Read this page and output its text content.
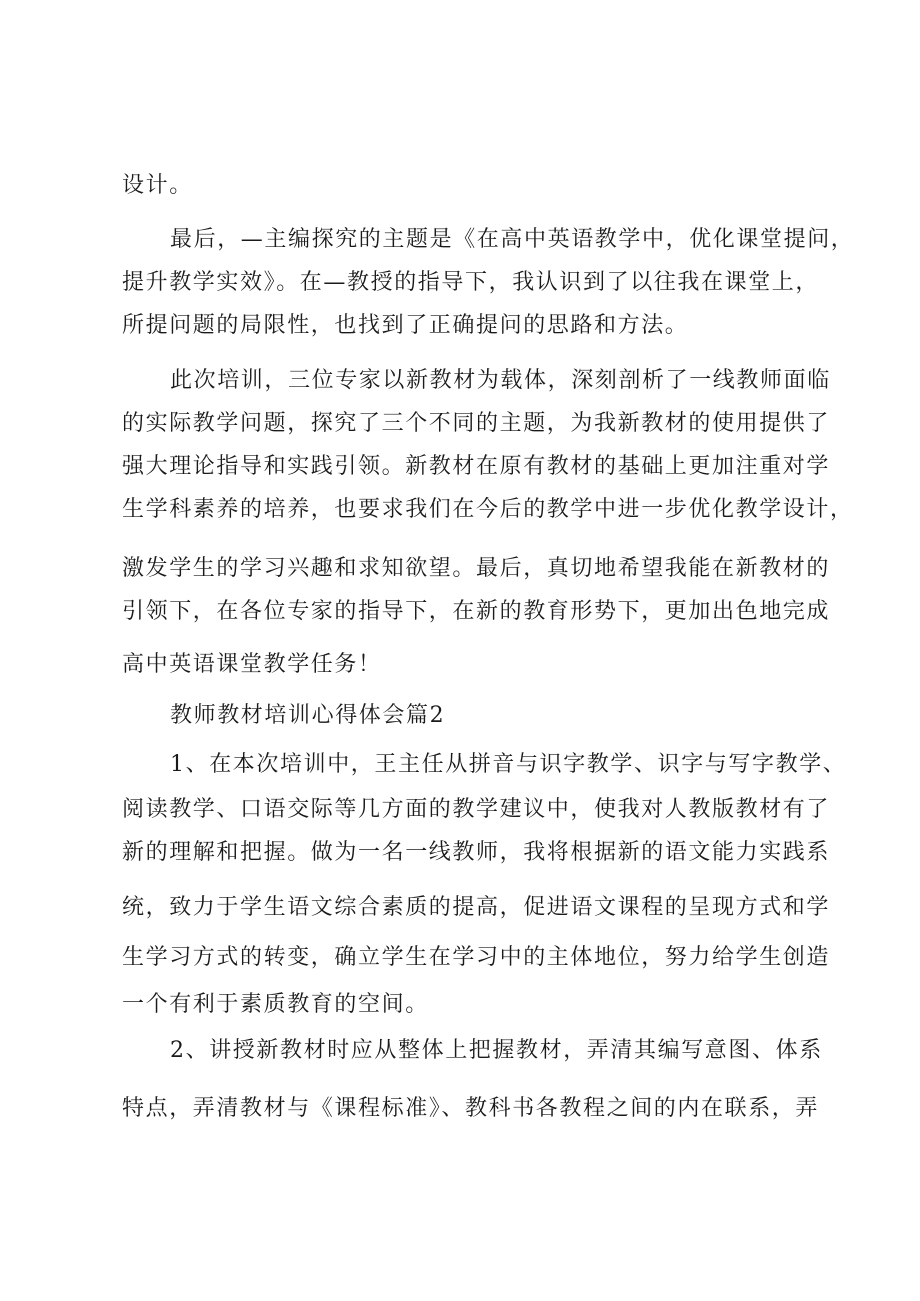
设计。
最后，—主编探究的主题是《在高中英语教学中，优化课堂提问，
提升教学实效》。在—教授的指导下，我认识到了以往我在课堂上，
所提问题的局限性，也找到了正确提问的思路和方法。
此次培训，三位专家以新教材为载体，深刻剖析了一线教师面临
的实际教学问题，探究了三个不同的主题，为我新教材的使用提供了
强大理论指导和实践引领。新教材在原有教材的基础上更加注重对学
生学科素养的培养，也要求我们在今后的教学中进一步优化教学设计，
激发学生的学习兴趣和求知欲望。最后，真切地希望我能在新教材的
引领下，在各位专家的指导下，在新的教育形势下，更加出色地完成
高中英语课堂教学任务！
教师教材培训心得体会篇2
1、在本次培训中，王主任从拼音与识字教学、识字与写字教学、
阅读教学、口语交际等几方面的教学建议中，使我对人教版教材有了
新的理解和把握。做为一名一线教师，我将根据新的语文能力实践系
统，致力于学生语文综合素质的提高，促进语文课程的呈现方式和学
生学习方式的转变，确立学生在学习中的主体地位，努力给学生创造
一个有利于素质教育的空间。
2、讲授新教材时应从整体上把握教材，弄清其编写意图、体系
特点，弄清教材与《课程标准》、教科书各教程之间的内在联系，弄
